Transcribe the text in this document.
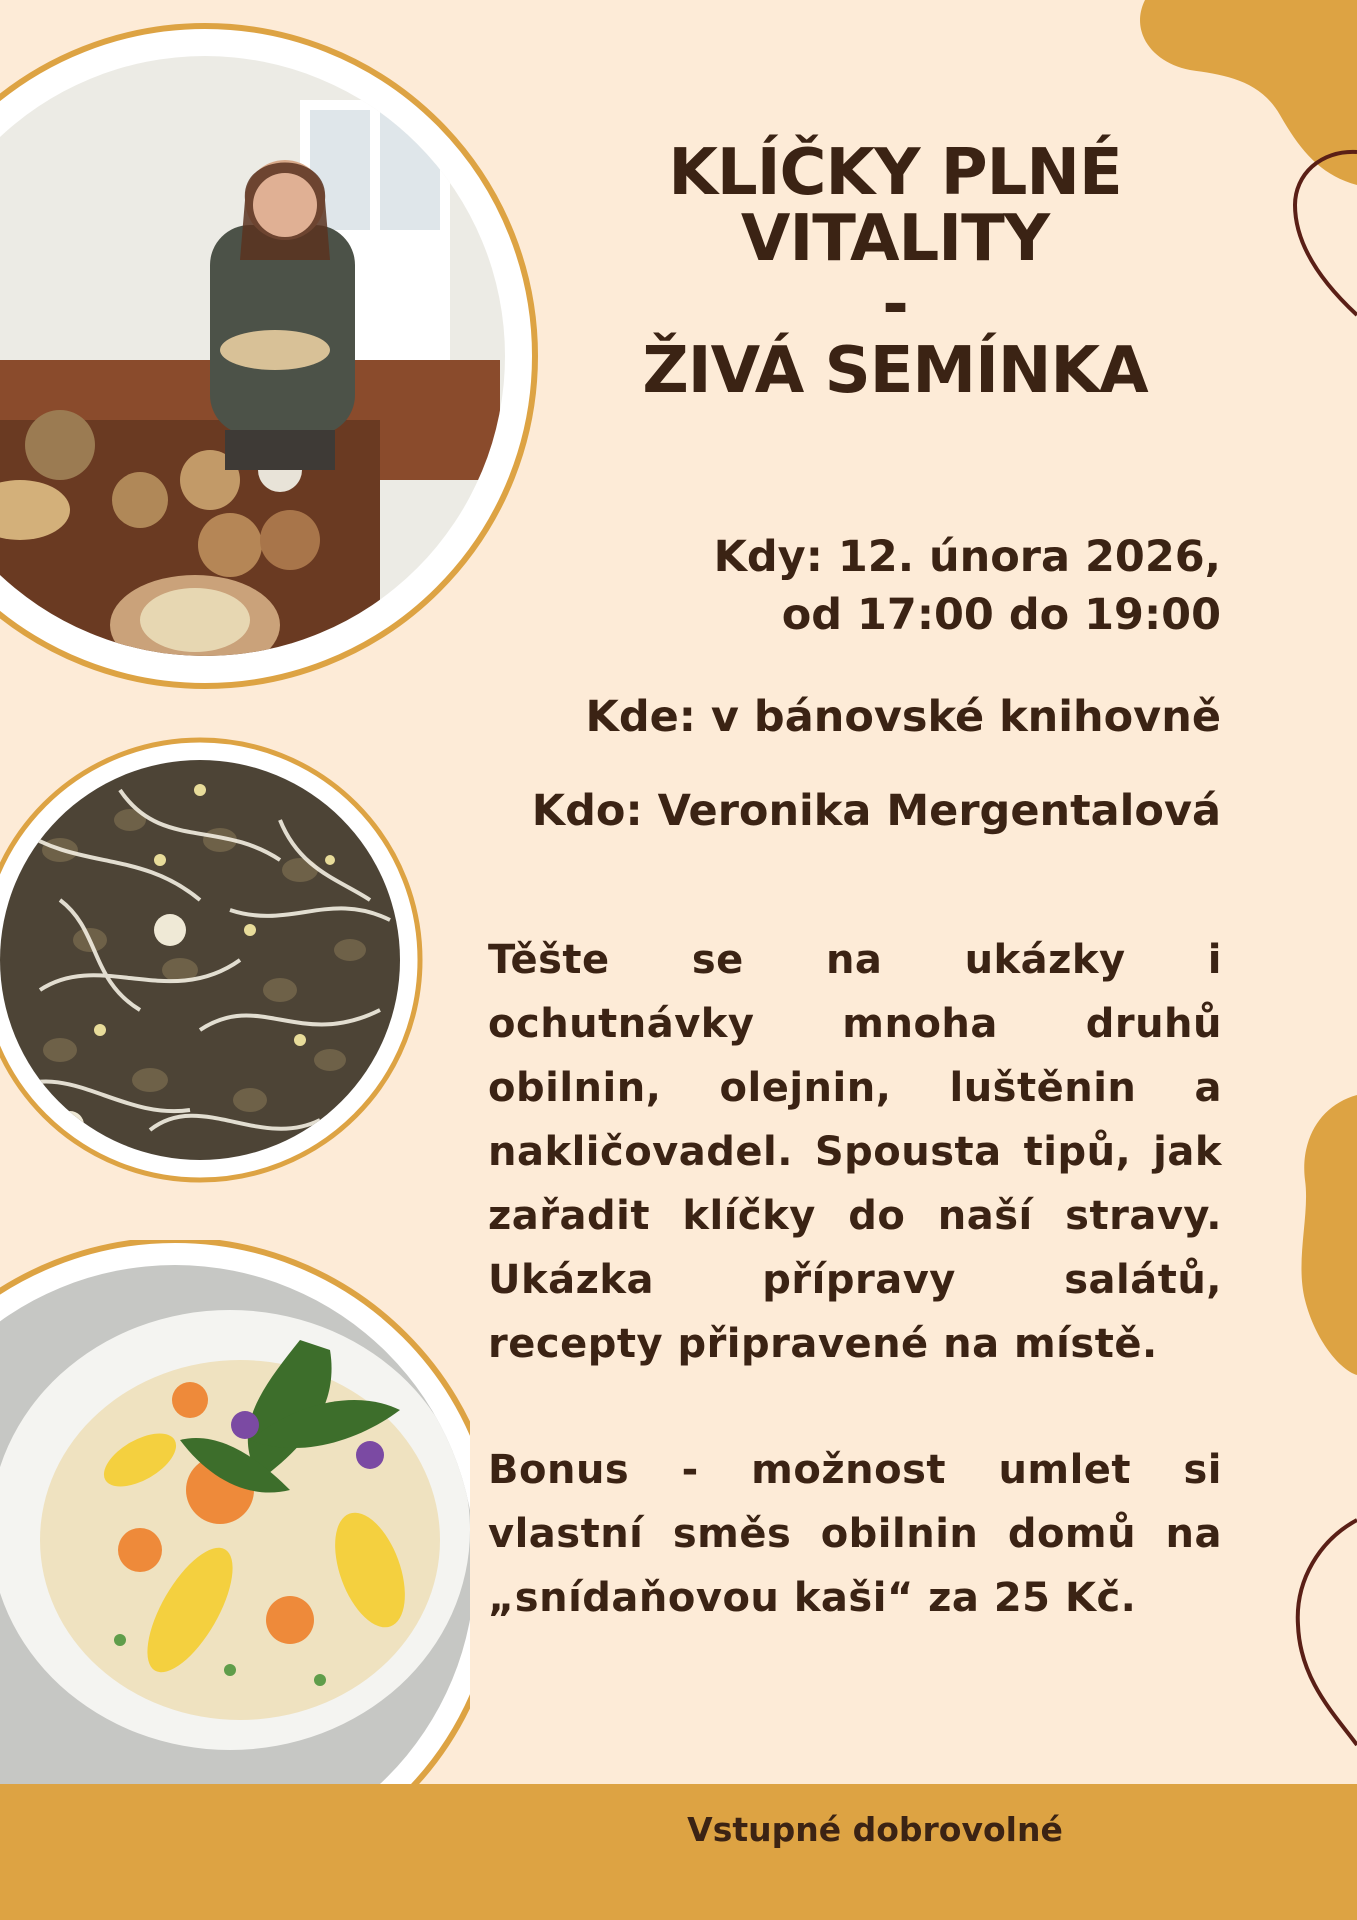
KLÍČKY PLNÉ
VITALITY
-
ŽIVÁ SEMÍNKA

Kdy: 12. února 2026,
od 17:00 do 19:00

Kde: v bánovské knihovně

Kdo: Veronika Mergentalová

Těšte se na ukázky i ochutnávky mnoha druhů obilnin, olejnin, luštěnin a nakličovadel. Spousta tipů, jak zařadit klíčky do naší stravy. Ukázka přípravy salátů, recepty připravené na místě.

Bonus - možnost umlet si vlastní směs obilnin domů na „snídaňovou kaši“ za 25 Kč.

Vstupné dobrovolné
